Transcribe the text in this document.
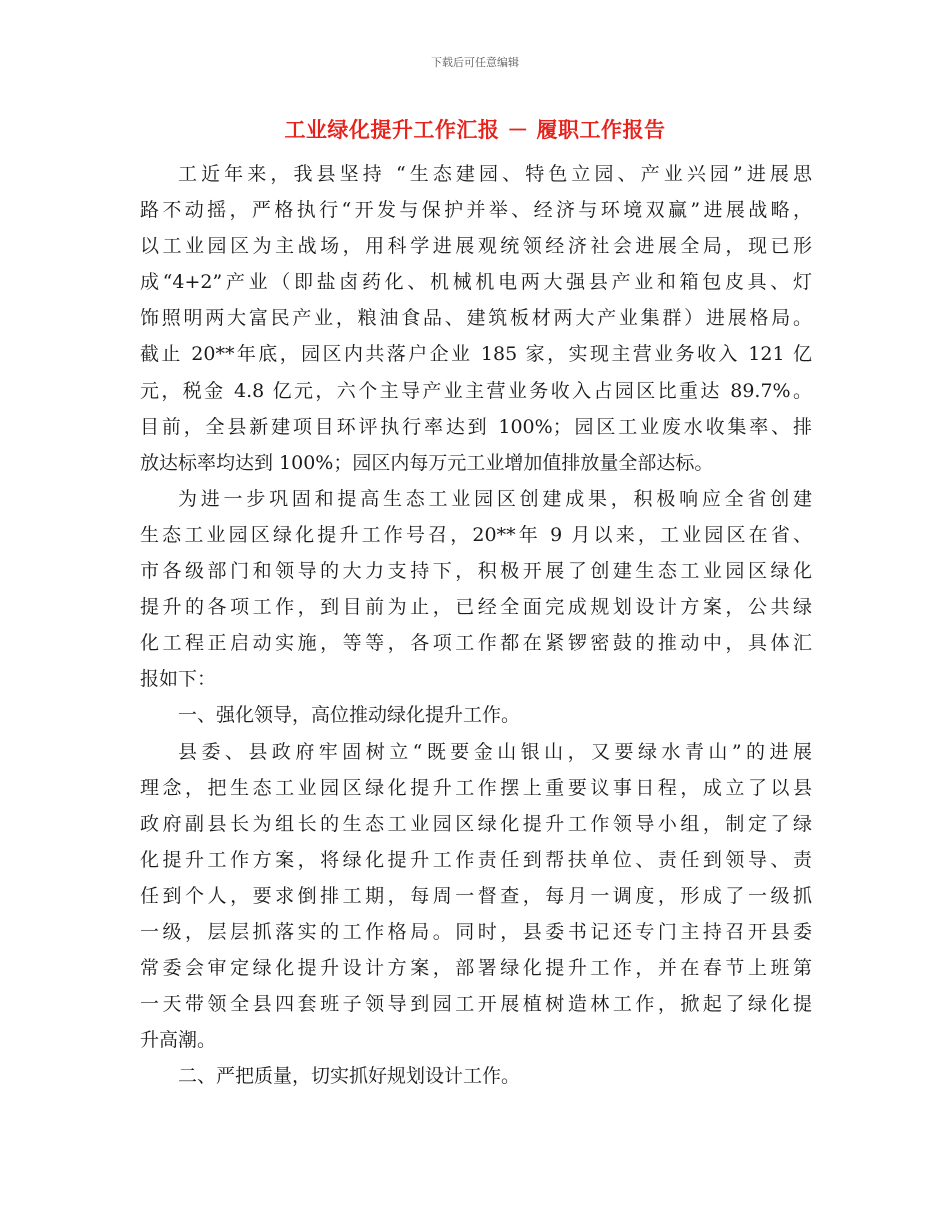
下载后可任意编辑
工业绿化提升工作汇报 － 履职工作报告
工近年来，我县坚持 “生态建园、特色立园、产业兴园”进展思
路不动摇，严格执行“开发与保护并举、经济与环境双赢”进展战略，
以工业园区为主战场，用科学进展观统领经济社会进展全局，现已形
成“4+2”产业（即盐卤药化、机械机电两大强县产业和箱包皮具、灯
饰照明两大富民产业，粮油食品、建筑板材两大产业集群）进展格局。
截止 20**年底，园区内共落户企业 185 家，实现主营业务收入 121 亿
元，税金 4.8 亿元，六个主导产业主营业务收入占园区比重达 89.7%。
目前，全县新建项目环评执行率达到 100%；园区工业废水收集率、排
放达标率均达到 100%；园区内每万元工业增加值排放量全部达标。
为进一步巩固和提高生态工业园区创建成果，积极响应全省创建
生态工业园区绿化提升工作号召，20**年 9 月以来，工业园区在省、
市各级部门和领导的大力支持下，积极开展了创建生态工业园区绿化
提升的各项工作，到目前为止，已经全面完成规划设计方案，公共绿
化工程正启动实施，等等，各项工作都在紧锣密鼓的推动中，具体汇
报如下：
一、强化领导，高位推动绿化提升工作。
县委、县政府牢固树立“既要金山银山，又要绿水青山”的进展
理念，把生态工业园区绿化提升工作摆上重要议事日程，成立了以县
政府副县长为组长的生态工业园区绿化提升工作领导小组，制定了绿
化提升工作方案，将绿化提升工作责任到帮扶单位、责任到领导、责
任到个人，要求倒排工期，每周一督查，每月一调度，形成了一级抓
一级，层层抓落实的工作格局。同时，县委书记还专门主持召开县委
常委会审定绿化提升设计方案，部署绿化提升工作，并在春节上班第
一天带领全县四套班子领导到园工开展植树造林工作，掀起了绿化提
升高潮。
二、严把质量，切实抓好规划设计工作。
